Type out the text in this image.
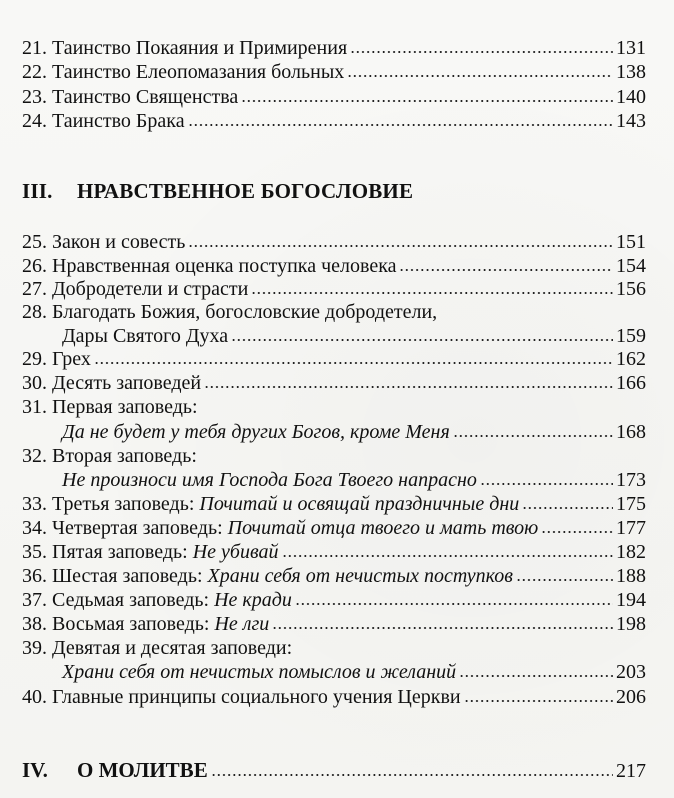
21. Таинство Покаяния и Примирения	131
22. Таинство Елеопомазания больных	138
23. Таинство Священства	140
24. Таинство Брака	143
III. НРАВСТВЕННОЕ БОГОСЛОВИЕ
25. Закон и совесть	151
26. Нравственная оценка поступка человека	154
27. Добродетели и страсти	156
28. Благодать Божия, богословские добродетели,
Дары Святого Духа	159
29. Грех	162
30. Десять заповедей	166
31. Первая заповедь:
Да не будет у тебя других Богов, кроме Меня	168
32. Вторая заповедь:
Не произноси имя Господа Бога Твоего напрасно	173
33. Третья заповедь: Почитай и освящай праздничные дни	175
34. Четвертая заповедь: Почитай отца твоего и мать твою	177
35. Пятая заповедь: Не убивай	182
36. Шестая заповедь: Храни себя от нечистых поступков	188
37. Седьмая заповедь: Не кради	194
38. Восьмая заповедь: Не лги	198
39. Девятая и десятая заповеди:
Храни себя от нечистых помыслов и желаний	203
40. Главные принципы социального учения Церкви	206
IV. О МОЛИТВЕ	217
